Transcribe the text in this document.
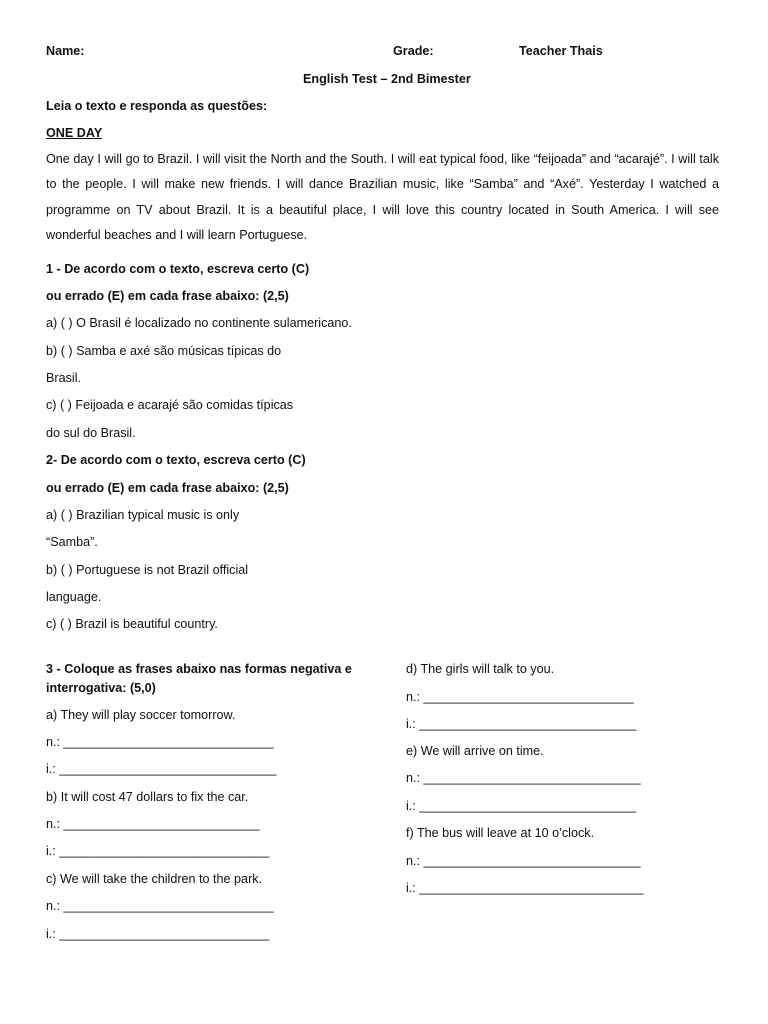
Name:	Grade:	Teacher Thais
English Test – 2nd Bimester
Leia o texto e responda as questões:
ONE DAY
One day I will go to Brazil. I will visit the North and the South. I will eat typical food, like “feijoada” and “acarajé”. I will talk to the people. I will make new friends. I will dance Brazilian music, like “Samba” and “Axé”. Yesterday I watched a programme on TV about Brazil. It is a beautiful place, I will love this country located in South America. I will see wonderful beaches and I will learn Portuguese.
1 - De acordo com o texto, escreva certo (C)
ou errado (E) em cada frase abaixo: (2,5)
a) ( ) O Brasil é localizado no continente sulamericano.
b) ( ) Samba e axé são músicas típicas do
Brasil.
c) ( ) Feijoada e acarajé são comidas típicas
do sul do Brasil.
2- De acordo com o texto, escreva certo (C)
ou errado (E) em cada frase abaixo: (2,5)
a) ( ) Brazilian typical music is only
“Samba”.
b) ( ) Portuguese is not Brazil official
language.
c) ( ) Brazil is beautiful country.
3 - Coloque as frases abaixo nas formas negativa e
interrogativa: (5,0)
a) They will play soccer tomorrow.
n.: ______________________________
i.: _______________________________
b) It will cost 47 dollars to fix the car.
n.: ____________________________
i.: ______________________________
c) We will take the children to the park.
n.: ______________________________
i.: ______________________________
d) The girls will talk to you.
n.: ______________________________
i.: _______________________________
e) We will arrive on time.
n.: _______________________________
i.: _______________________________
f) The bus will leave at 10 o’clock.
n.: _______________________________
i.: ________________________________
